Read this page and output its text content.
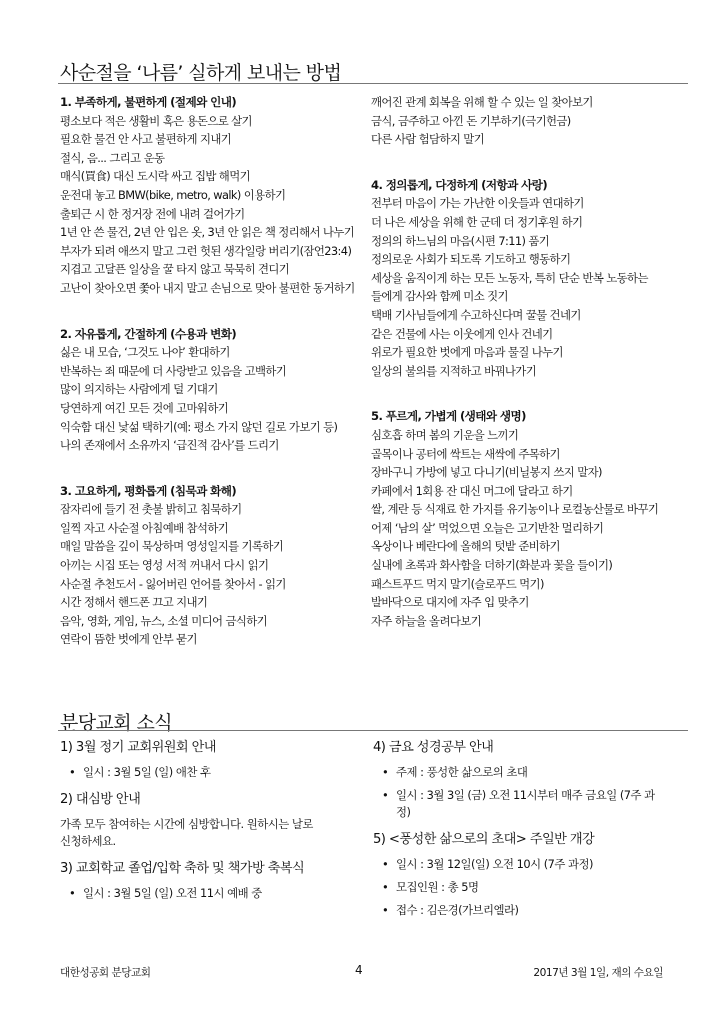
사순절을 ‘나름’ 실하게 보내는 방법

1. 부족하게, 불편하게 (절제와 인내)

평소보다 적은 생활비 혹은 용돈으로 살기
필요한 물건 안 사고 불편하게 지내기
절식, 음... 그리고 운동
매식(買食) 대신 도시락 싸고 집밥 해먹기
운전대 놓고 BMW(bike, metro, walk) 이용하기
출퇴근 시 한 정거장 전에 내려 걸어가기
1년 안 쓴 물건, 2년 안 입은 옷, 3년 안 읽은 책 정리해서 나누기
부자가 되려 애쓰지 말고 그런 헛된 생각일랑 버리기(잠언23:4)
지겹고 고달픈 일상을 꿀 타지 않고 묵묵히 견디기
고난이 찾아오면 쫓아 내지 말고 손님으로 맞아 불편한 동거하기

2. 자유롭게, 간절하게 (수용과 변화)

싫은 내 모습, ‘그것도 나야’ 환대하기
반복하는 죄 때문에 더 사랑받고 있음을 고백하기
많이 의지하는 사람에게 덜 기대기
당연하게 여긴 모든 것에 고마워하기
익숙함 대신 낯섦 택하기(예: 평소 가지 않던 길로 가보기 등)
나의 존재에서 소유까지 ‘급진적 감사’를 드리기

3. 고요하게, 평화롭게 (침묵과 화해)

잠자리에 들기 전 촛불 밝히고 침묵하기
일찍 자고 사순절 아침예배 참석하기
매일 말씀을 깊이 묵상하며 영성일지를 기록하기
아끼는 시집 또는 영성 서적 꺼내서 다시 읽기
사순절 추천도서 - 잃어버린 언어를 찾아서 - 읽기
시간 정해서 핸드폰 끄고 지내기
음악, 영화, 게임, 뉴스, 소셜 미디어 금식하기
연락이 뜸한 벗에게 안부 묻기
깨어진 관계 회복을 위해 할 수 있는 일 찾아보기
금식, 금주하고 아낀 돈 기부하기(극기헌금)
다른 사람 험담하지 말기

4. 정의롭게, 다정하게 (저항과 사랑)

전부터 마음이 가는 가난한 이웃들과 연대하기
더 나은 세상을 위해 한 군데 더 정기후원 하기
정의의 하느님의 마음(시편 7:11) 품기
정의로운 사회가 되도록 기도하고 행동하기
세상을 움직이게 하는 모든 노동자, 특히 단순 반복 노동하는
들에게 감사와 함께 미소 짓기
택배 기사님들에게 수고하신다며 꿀물 건네기
같은 건물에 사는 이웃에게 인사 건네기
위로가 필요한 벗에게 마음과 물질 나누기
일상의 불의를 지적하고 바꿔나가기

5. 푸르게, 가볍게 (생태와 생명)

심호흡 하며 봄의 기운을 느끼기
골목이나 공터에 싹트는 새싹에 주목하기
장바구니 가방에 넣고 다니기(비닐봉지 쓰지 말자)
카페에서 1회용 잔 대신 머그에 달라고 하기
쌀, 계란 등 식재료 한 가지를 유기농이나 로컬농산물로 바꾸기
어제 ‘남의 살’ 먹었으면 오늘은 고기반찬 멀리하기
옥상이나 베란다에 올해의 텃밭 준비하기
실내에 초록과 화사함을 더하기(화분과 꽃을 들이기)
패스트푸드 먹지 말기(슬로푸드 먹기)
발바닥으로 대지에 자주 입 맞추기
자주 하늘을 올려다보기
분당교회 소식

1) 3월 정기 교회위원회 안내

• 일시 : 3월 5일 (일) 애찬 후

2) 대심방 안내

가족 모두 참여하는 시간에 심방합니다. 원하시는 날로

신청하세요.

3) 교회학교 졸업/입학 축하 및 책가방 축복식

• 일시 : 3월 5일 (일) 오전 11시 예배 중

4) 금요 성경공부 안내

• 주제 : 풍성한 삶으로의 초대
• 일시 : 3월 3일 (금) 오전 11시부터 매주 금요일 (7주 과정)

5) <풍성한 삶으로의 초대> 주일반 개강

• 일시 : 3월 12일(일) 오전 10시 (7주 과정)
• 모집인원 : 총 5명
• 접수 : 김은경(가브리엘라)
대한성공회 분당교회	4	2017년 3월 1일, 재의 수요일
